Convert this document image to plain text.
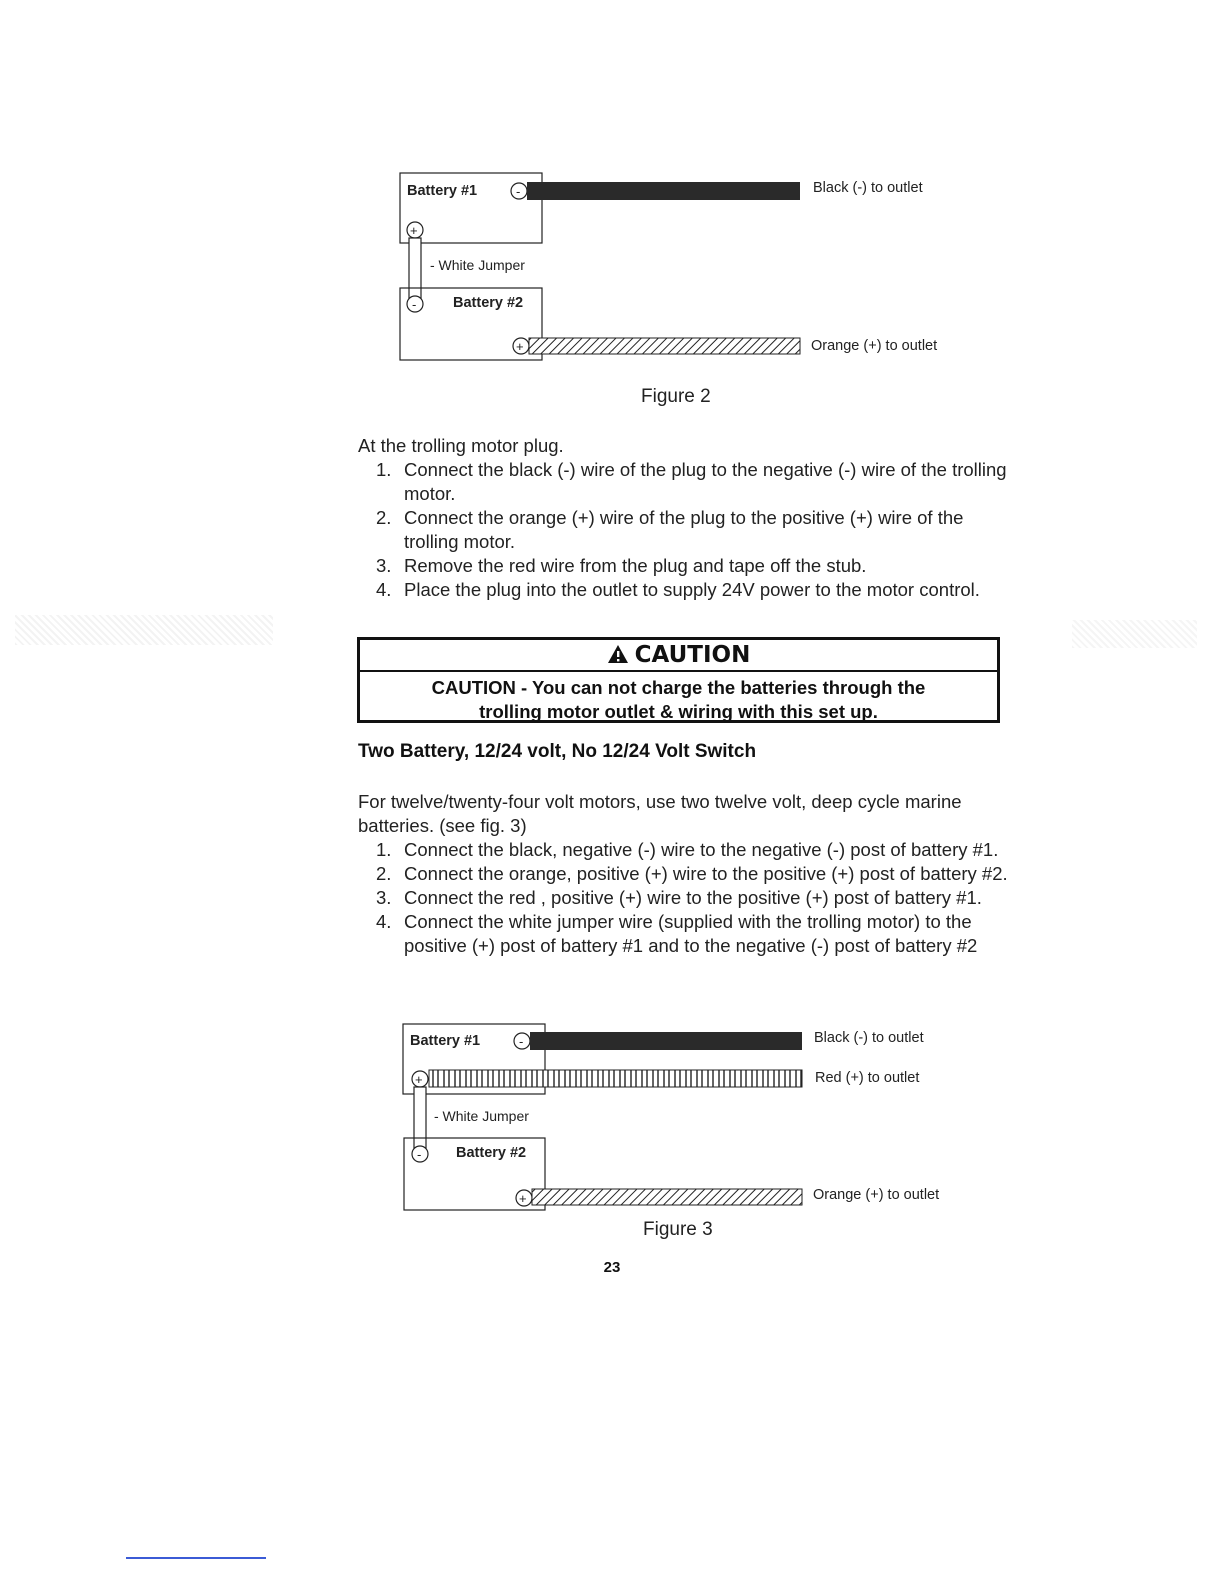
Battery #1	-
+
- White Jumper
Battery #2
-
+
Black (-) to outlet
Orange (+) to outlet
Figure 2

At the trolling motor plug.

1. Connect the black (-) wire of the plug to the negative (-) wire of the trolling motor.
2. Connect the orange (+) wire of the plug to the positive (+) wire of the trolling motor.
3. Remove the red wire from the plug and tape off the stub.
4. Place the plug into the outlet to supply 24V power to the motor control.
CAUTION
CAUTION - You can not charge the batteries through the
trolling motor outlet & wiring with this set up.
Two Battery, 12/24 volt, No 12/24 Volt Switch

For twelve/twenty-four volt motors, use two twelve volt, deep cycle marine batteries. (see fig. 3)

1. Connect the black, negative (-) wire to the negative (-) post of battery #1.
2. Connect the orange, positive (+) wire to the positive (+) post of battery #2.
3. Connect the red , positive (+) wire to the positive (+) post of battery #1.
4. Connect the white jumper wire (supplied with the trolling motor) to the positive (+) post of battery #1 and to the negative (-) post of battery #2
Battery #1	-
+
- White Jumper
Battery #2
-
+
Black (-) to outlet
Red (+) to outlet
Orange (+) to outlet
Figure 3
23
